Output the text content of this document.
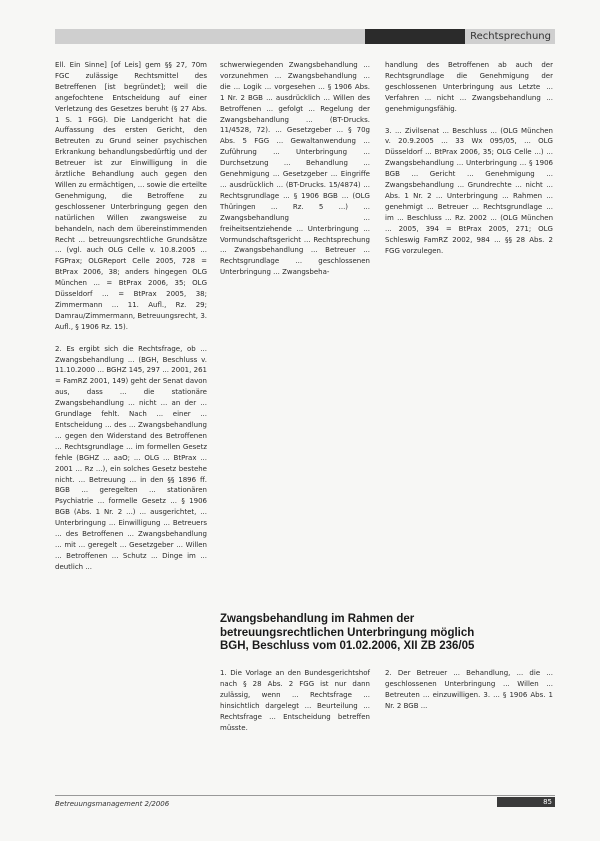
Rechtsprechung

Ell. Ein Sinne] [of Leis] gem §§ 27, 70m FGC zulässige Rechtsmittel des Betreffenen [ist begründet]; weil die angefochtene Entscheidung auf einer Verletzung des Gesetzes beruht (§ 27 Abs. 1 S. 1 FGG). Die Landgericht hat die Auffassung des ersten Gericht, den Betreuten zu Grund seiner psychischen Erkrankung behandlungsbedürftig und der Betreuer ist zur Einwilligung in die ärztliche Behandlung auch gegen den Willen zu ermächtigen, ... sowie die erteilte Genehmigung, die Betroffene zu geschlossener Unterbringung gegen den natürlichen Willen zwangsweise zu behandeln, nach dem übereinstimmenden Recht ... betreuungsrechtliche Grundsätze ... (vgl. auch OLG Celle v. 10.8.2005 ... FGPrax; OLGReport Celle 2005, 728 = BtPrax 2006, 38; anders hingegen OLG München ... = BtPrax 2006, 35; OLG Düsseldorf ... = BtPrax 2005, 38; Zimmermann ... 11. Aufl., Rz. 29; Damrau/Zimmermann, Betreuungsrecht, 3. Aufl., § 1906 Rz. 15).

2. Es ergibt sich die Rechtsfrage, ob ... Zwangsbehandlung ... (BGH, Beschluss v. 11.10.2000 ... BGHZ 145, 297 ... 2001, 261 = FamRZ 2001, 149) geht der Senat davon aus, dass ... die stationäre Zwangsbehandlung ... nicht ... an der ... Grundlage fehlt. Nach ... einer ... Entscheidung ... des ... Zwangsbehandlung ... gegen den Widerstand des Betroffenen ... Rechtsgrundlage ... im formellen Gesetz fehle (BGHZ ... aaO; ... OLG ... BtPrax ... 2001 ... Rz ...), ein solches Gesetz bestehe nicht. ... Betreuung ... in den §§ 1896 ff. BGB ... geregelten ... stationären Psychiatrie ... formelle Gesetz ... § 1906 BGB (Abs. 1 Nr. 2 ...) ... ausgerichtet, ... Unterbringung ... Einwilligung ... Betreuers ... des Betroffenen ... Zwangsbehandlung ... mit ... geregelt ... Gesetzgeber ... Willen ... Betroffenen ... Schutz ... Dinge im ... deutlich ...

schwerwiegenden Zwangsbehandlung ... vorzunehmen ... Zwangsbehandlung ... die ... Logik ... vorgesehen ... § 1906 Abs. 1 Nr. 2 BGB ... ausdrücklich ... Willen des Betroffenen ... gefolgt ... Regelung der Zwangsbehandlung ... (BT-Drucks. 11/4528, 72). ... Gesetzgeber ... § 70g Abs. 5 FGG ... Gewaltanwendung ... Zuführung ... Unterbringung ... Durchsetzung ... Behandlung ... Genehmigung ... Gesetzgeber ... Eingriffe ... ausdrücklich ... (BT-Drucks. 15/4874) ... Rechtsgrundlage ... § 1906 BGB ... (OLG Thüringen ... Rz. 5 ...) ... Zwangsbehandlung ... freiheitsentziehende ... Unterbringung ... Vormundschaftsgericht ... Rechtsprechung ... Zwangsbehandlung ... Betreuer ... Rechtsgrundlage ... geschlossenen Unterbringung ... Zwangsbeha-

handlung des Betroffenen ab auch der Rechtsgrundlage die Genehmigung der geschlossenen Unterbringung aus Letzte ... Verfahren ... nicht ... Zwangsbehandlung ... genehmigungsfähig.

3. ... Zivilsenat ... Beschluss ... (OLG München v. 20.9.2005 ... 33 Wx 095/05, ... OLG Düsseldorf ... BtPrax 2006, 35; OLG Celle ...) ... Zwangsbehandlung ... Unterbringung ... § 1906 BGB ... Gericht ... Genehmigung ... Zwangsbehandlung ... Grundrechte ... nicht ... Abs. 1 Nr. 2 ... Unterbringung ... Rahmen ... genehmigt ... Betreuer ... Rechtsgrundlage ... im ... Beschluss ... Rz. 2002 ... (OLG München ... 2005, 394 = BtPrax 2005, 271; OLG Schleswig FamRZ 2002, 984 ... §§ 28 Abs. 2 FGG vorzulegen.

Zwangsbehandlung im Rahmen der
betreuungsrechtlichen Unterbringung möglich
BGH, Beschluss vom 01.02.2006, XII ZB 236/05
1. Die Vorlage an den Bundesgerichtshof nach § 28 Abs. 2 FGG ist nur dann zulässig, wenn ... Rechtsfrage ... hinsichtlich dargelegt ... Beurteilung ... Rechtsfrage ... Entscheidung betreffen müsste.
2. Der Betreuer ... Behandlung, ... die ... geschlossenen Unterbringung ... Willen ... Betreuten ... einzuwilligen. 3. ... § 1906 Abs. 1 Nr. 2 BGB ...
Betreuungsmanagement 2/2006	85
